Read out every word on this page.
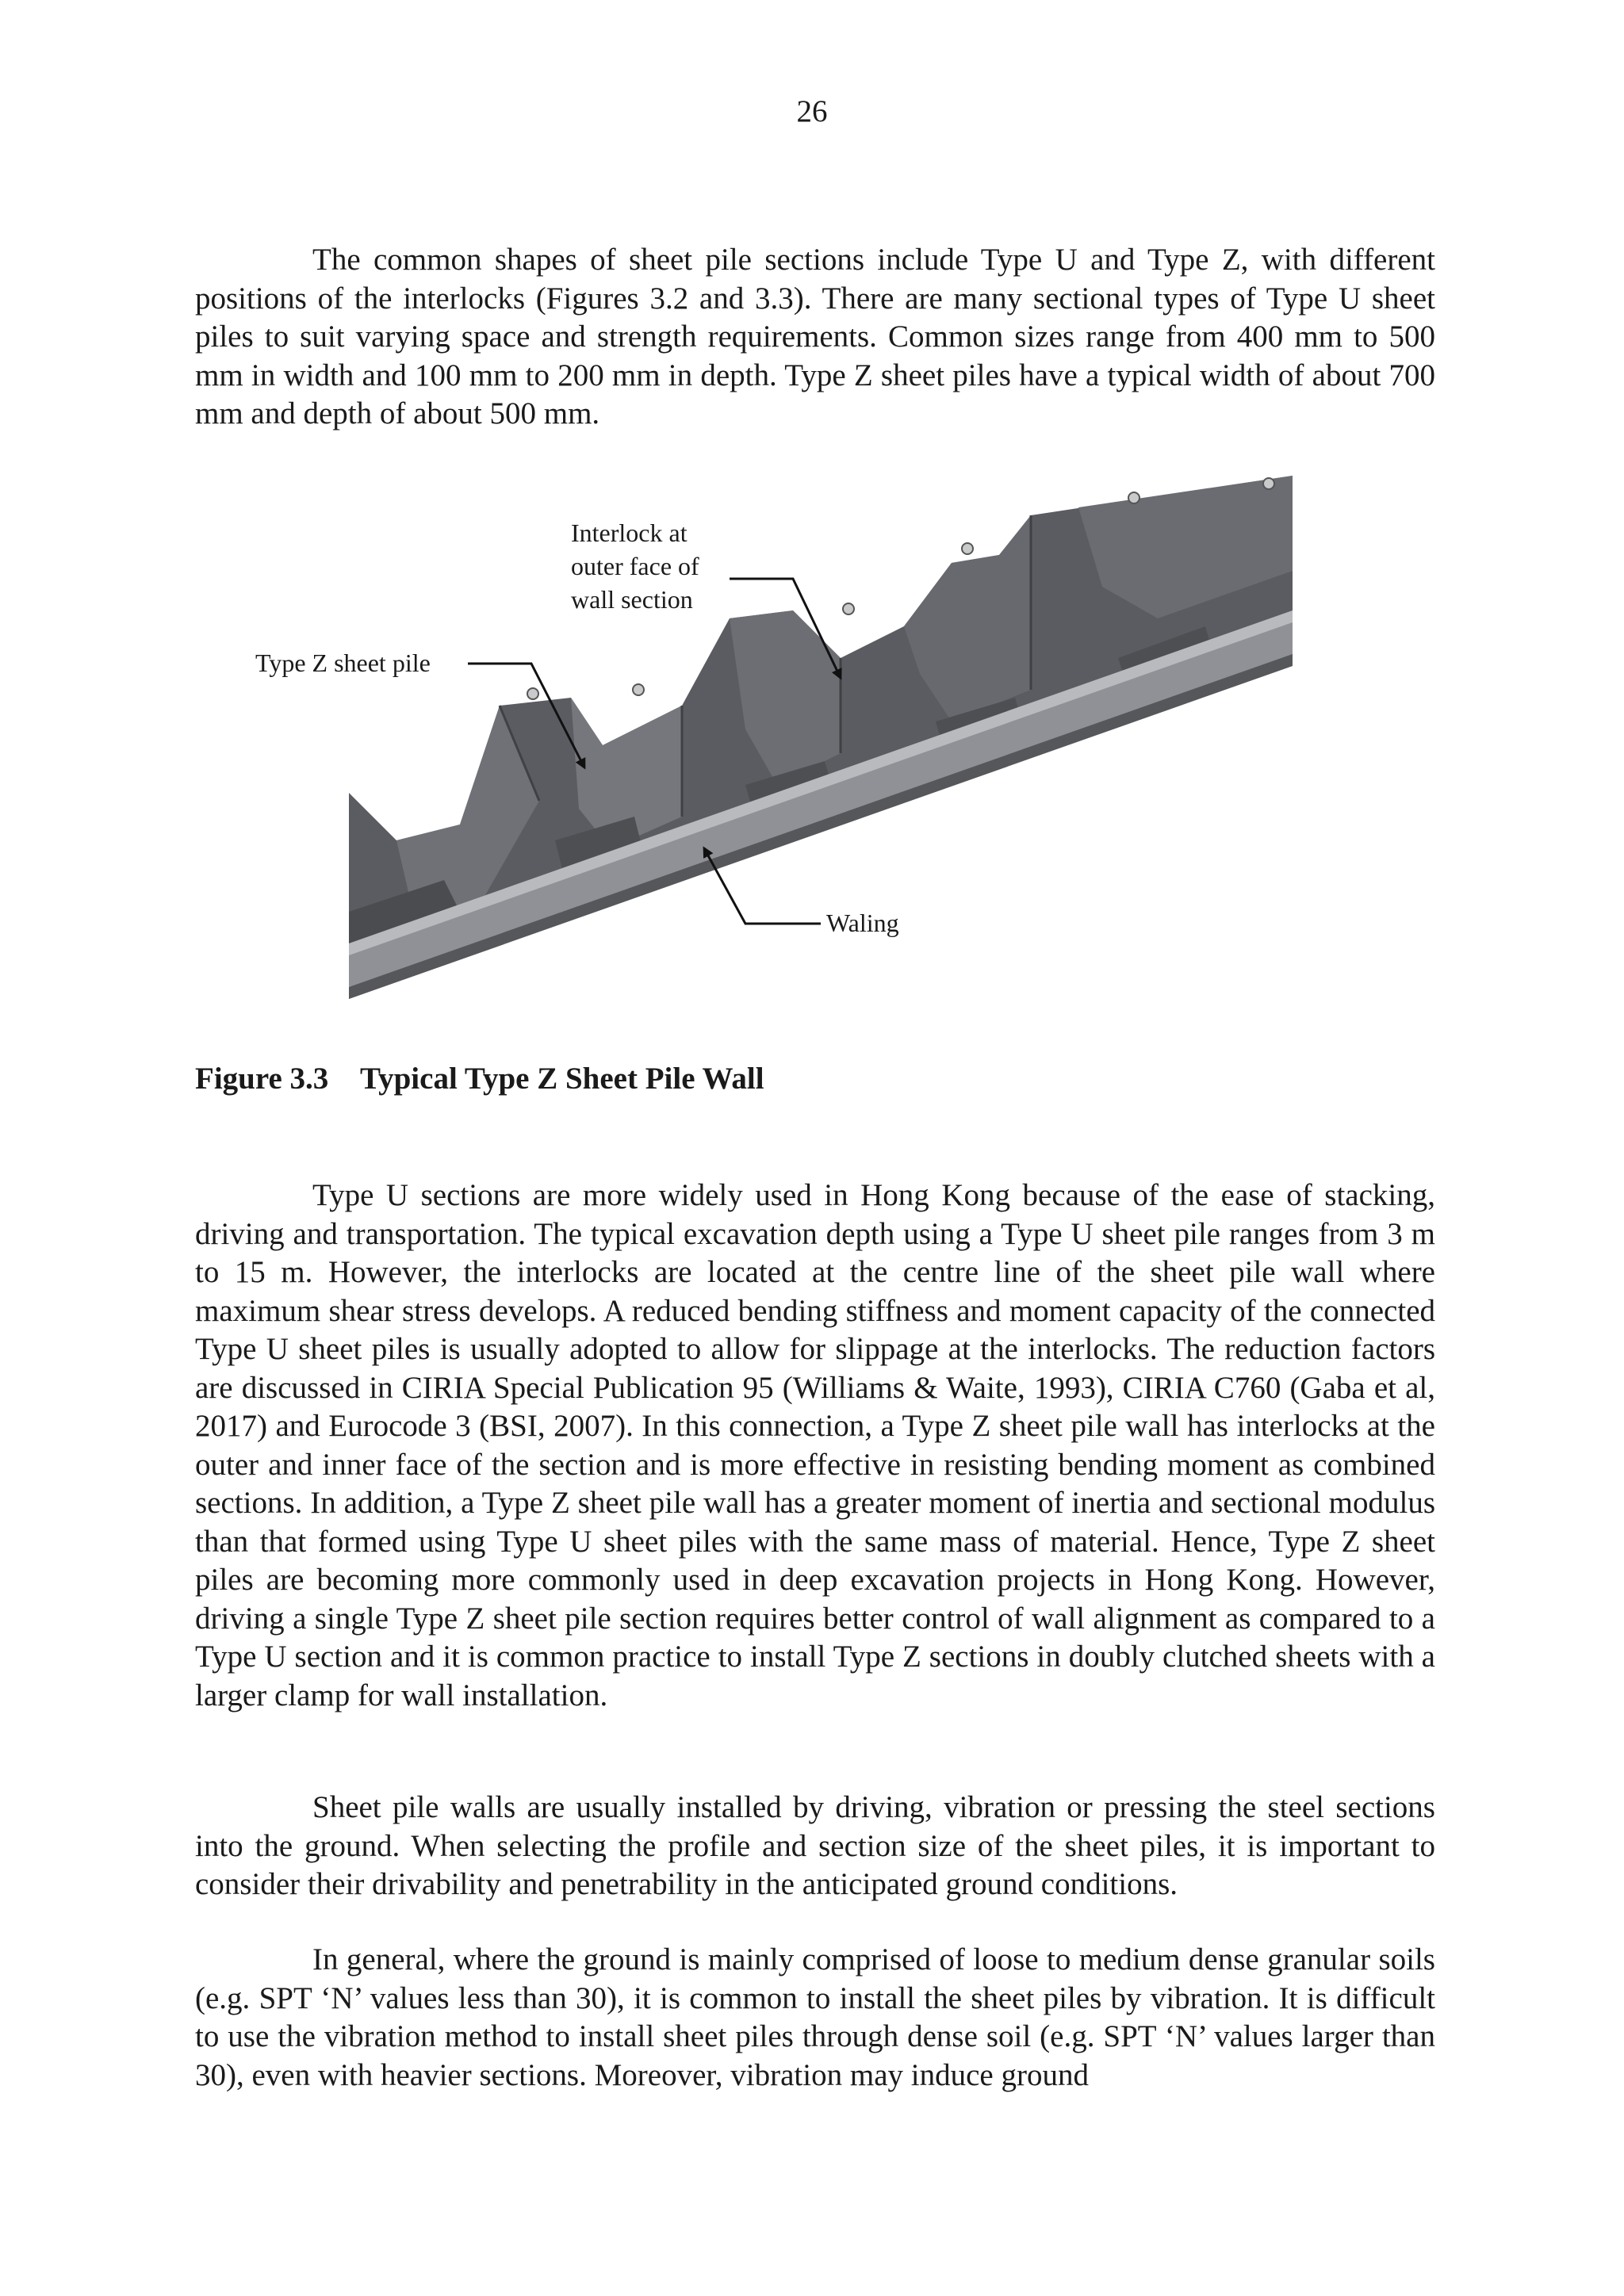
26

The common shapes of sheet pile sections include Type U and Type Z, with different positions of the interlocks (Figures 3.2 and 3.3). There are many sectional types of Type U sheet piles to suit varying space and strength requirements. Common sizes range from 400 mm to 500 mm in width and 100 mm to 200 mm in depth. Type Z sheet piles have a typical width of about 700 mm and depth of about 500 mm.

Interlock at
outer face of
wall section
Type Z sheet pile
Waling
Figure 3.3 Typical Type Z Sheet Pile Wall

Type U sections are more widely used in Hong Kong because of the ease of stacking, driving and transportation. The typical excavation depth using a Type U sheet pile ranges from 3 m to 15 m. However, the interlocks are located at the centre line of the sheet pile wall where maximum shear stress develops. A reduced bending stiffness and moment capacity of the connected Type U sheet piles is usually adopted to allow for slippage at the interlocks. The reduction factors are discussed in CIRIA Special Publication 95 (Williams & Waite, 1993), CIRIA C760 (Gaba et al, 2017) and Eurocode 3 (BSI, 2007). In this connection, a Type Z sheet pile wall has interlocks at the outer and inner face of the section and is more effective in resisting bending moment as combined sections. In addition, a Type Z sheet pile wall has a greater moment of inertia and sectional modulus than that formed using Type U sheet piles with the same mass of material. Hence, Type Z sheet piles are becoming more commonly used in deep excavation projects in Hong Kong. However, driving a single Type Z sheet pile section requires better control of wall alignment as compared to a Type U section and it is common practice to install Type Z sections in doubly clutched sheets with a larger clamp for wall installation.

Sheet pile walls are usually installed by driving, vibration or pressing the steel sections into the ground. When selecting the profile and section size of the sheet piles, it is important to consider their drivability and penetrability in the anticipated ground conditions.

In general, where the ground is mainly comprised of loose to medium dense granular soils (e.g. SPT ‘N’ values less than 30), it is common to install the sheet piles by vibration. It is difficult to use the vibration method to install sheet piles through dense soil (e.g. SPT ‘N’ values larger than 30), even with heavier sections. Moreover, vibration may induce ground
